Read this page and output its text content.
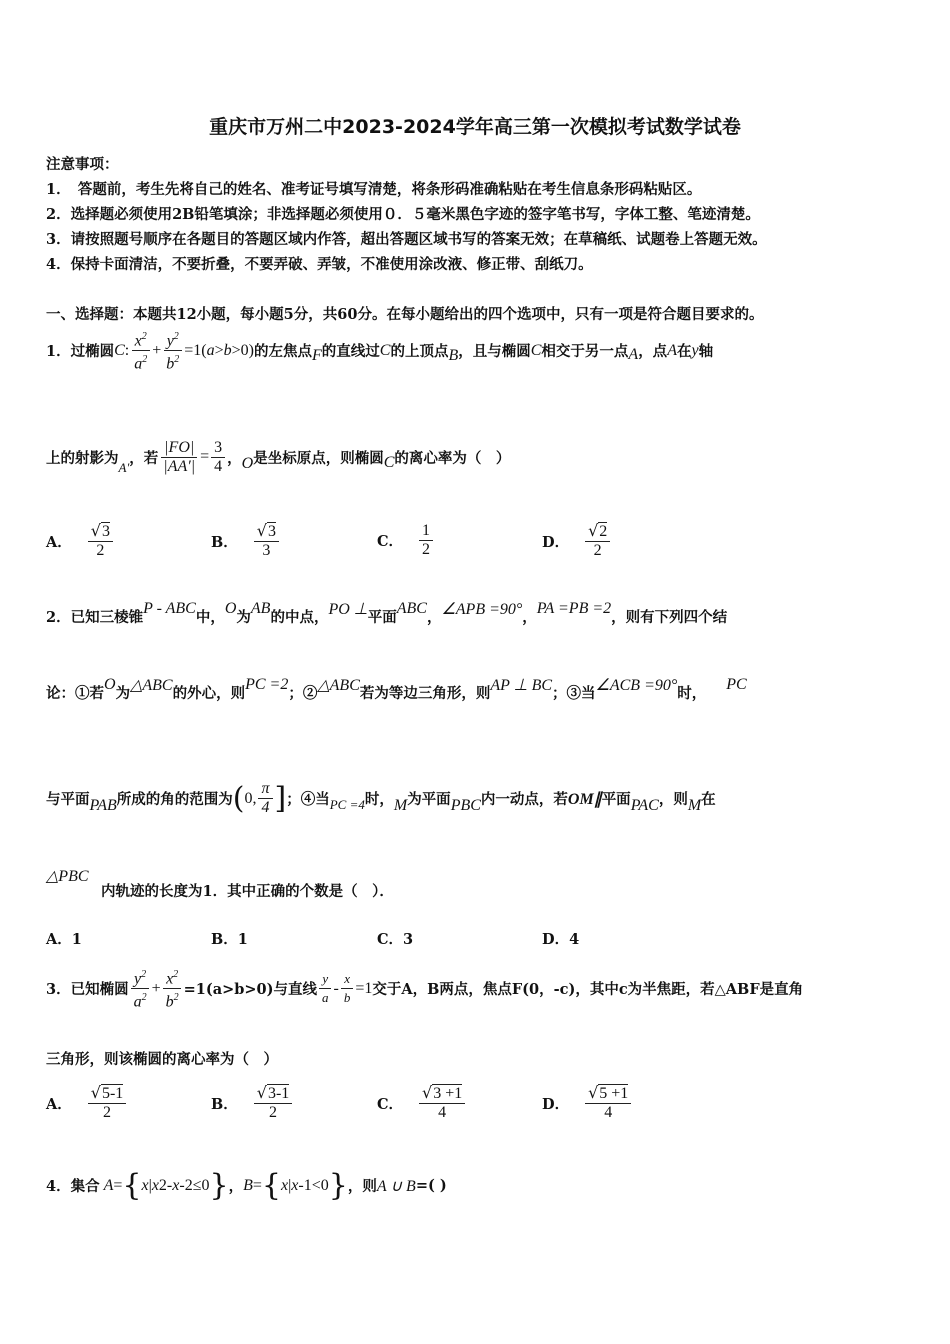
重庆市万州二中2023-2024学年高三第一次模拟考试数学试卷
注意事项：
1．　答题前，考生先将自己的姓名、准考证号填写清楚，将条形码准确粘贴在考生信息条形码粘贴区。
2．选择题必须使用2B铅笔填涂；非选择题必须使用０．５毫米黑色字迹的签字笔书写，字体工整、笔迹清楚。
3．请按照题号顺序在各题目的答题区域内作答，超出答题区域书写的答案无效；在草稿纸、试题卷上答题无效。
4．保持卡面清洁，不要折叠，不要弄破、弄皱，不准使用涂改液、修正带、刮纸刀。
一、选择题：本题共12小题，每小题5分，共60分。在每小题给出的四个选项中，只有一项是符合题目要求的。
1．过椭圆 C : $\frac{x^2}{a^2} + \frac{y^2}{b^2} =1$( a > b >0) 的左焦点 F 的直线过 C 的上顶点 B ，且与椭圆 C 相交于另一点 A ，点 A 在 y 轴
上的射影为
A′
，若 $\frac{|FO|}{|AA'|} = \frac{3}{4}$ ， O 是坐标原点，则椭圆 C 的离心率为（　）
A． $\frac{√3}{2}$	B． $\frac{√3}{3}$	C． $\frac{1}{2}$	D． $\frac{√2}{2}$
2．已知三棱锥
P - ABC
中，
O
为
AB
的中点， PO ⊥ 平面
ABC
， ∠APB =90° ，
PA =PB =2
，则有下列四个结
论：①若
O
为 △ABC 的外心，则
PC =2
；② △ABC 若为等边三角形，则 AP ⊥ BC ；③当 ∠ACB =90° 时，
PC
与平面 PAB 所成的角的范围为 ( 0, $\frac{\pi}{4}$ ] ；④当 PC =4 时， M 为平面 PBC 内一动点，若 OM∥ 平面 PAC ，则 M 在
△PBC
内轨迹的长度为1．其中正确的个数是（　）．
A．1	B．1	C．3	D．4
3．已知椭圆 $\frac{y^2}{a^2} + \frac{x^2}{b^2} =1(a>b>0)$与直线 $\frac{y}{a} - \frac{x}{b} =1$ 交于A，B两点，焦点F(0，-c)，其中c为半焦距，若△ABF是直角
三角形，则该椭圆的离心率为（　）
A． $\frac{√5-1}{2}$	B． $\frac{√3-1}{2}$	C． $\frac{√3 +1}{4}$	D． $\frac{√5 +1}{4}$
4．集合 A = { x | x 2 - x -2≤0 } ， B = { x | x -1<0 } ，则 A ∪ B =( )
